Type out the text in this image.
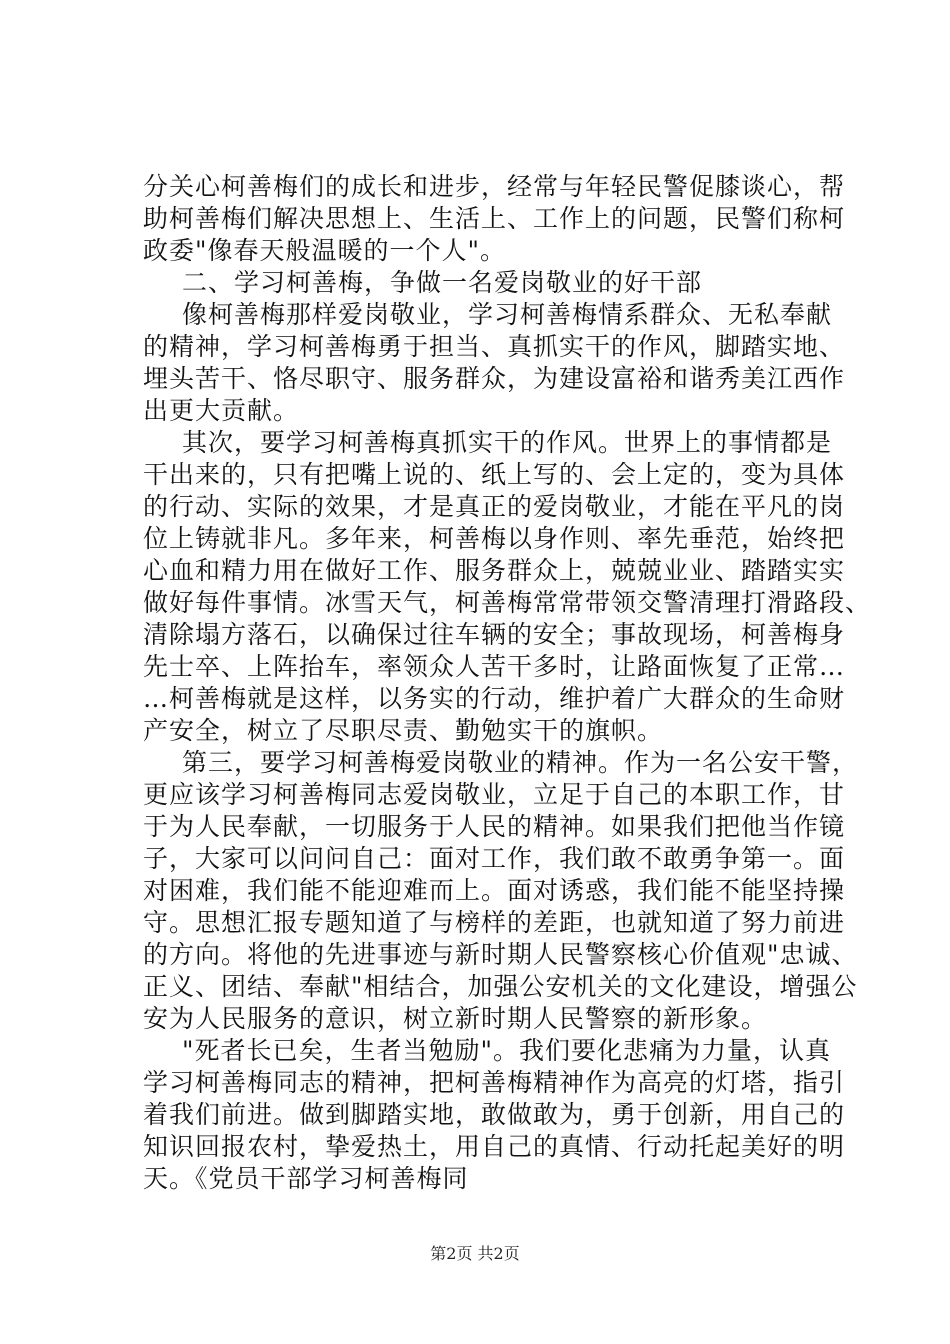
分关心柯善梅们的成长和进步，经常与年轻民警促膝谈心，帮
助柯善梅们解决思想上、生活上、工作上的问题，民警们称柯
政委"像春天般温暖的一个人"。
二、学习柯善梅，争做一名爱岗敬业的好干部
像柯善梅那样爱岗敬业，学习柯善梅情系群众、无私奉献
的精神，学习柯善梅勇于担当、真抓实干的作风，脚踏实地、
埋头苦干、恪尽职守、服务群众，为建设富裕和谐秀美江西作
出更大贡献。
其次，要学习柯善梅真抓实干的作风。世界上的事情都是
干出来的，只有把嘴上说的、纸上写的、会上定的，变为具体
的行动、实际的效果，才是真正的爱岗敬业，才能在平凡的岗
位上铸就非凡。多年来，柯善梅以身作则、率先垂范，始终把
心血和精力用在做好工作、服务群众上，兢兢业业、踏踏实实
做好每件事情。冰雪天气，柯善梅常常带领交警清理打滑路段、
清除塌方落石，以确保过往车辆的安全；事故现场，柯善梅身
先士卒、上阵抬车，率领众人苦干多时，让路面恢复了正常…
…柯善梅就是这样，以务实的行动，维护着广大群众的生命财
产安全，树立了尽职尽责、勤勉实干的旗帜。
第三，要学习柯善梅爱岗敬业的精神。作为一名公安干警，
更应该学习柯善梅同志爱岗敬业，立足于自己的本职工作，甘
于为人民奉献，一切服务于人民的精神。如果我们把他当作镜
子，大家可以问问自己：面对工作，我们敢不敢勇争第一。面
对困难，我们能不能迎难而上。面对诱惑，我们能不能坚持操
守。思想汇报专题知道了与榜样的差距，也就知道了努力前进
的方向。将他的先进事迹与新时期人民警察核心价值观"忠诚、
正义、团结、奉献"相结合，加强公安机关的文化建设，增强公
安为人民服务的意识，树立新时期人民警察的新形象。
"死者长已矣，生者当勉励"。我们要化悲痛为力量，认真
学习柯善梅同志的精神，把柯善梅精神作为高亮的灯塔，指引
着我们前进。做到脚踏实地，敢做敢为，勇于创新，用自己的
知识回报农村，挚爱热土，用自己的真情、行动托起美好的明
天。《党员干部学习柯善梅同
第2页 共2页
